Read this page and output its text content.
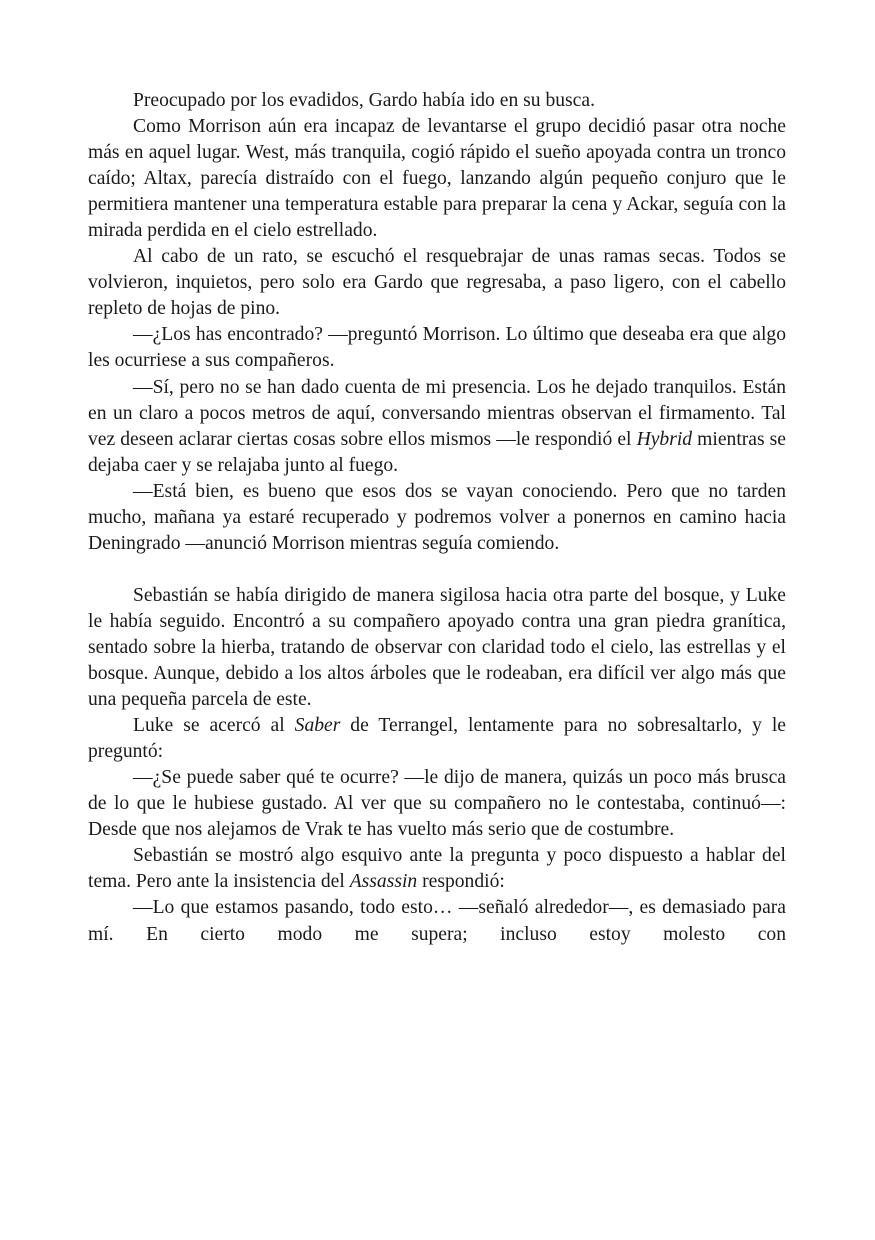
Preocupado por los evadidos, Gardo había ido en su busca.

Como Morrison aún era incapaz de levantarse el grupo decidió pasar otra noche más en aquel lugar. West, más tranquila, cogió rápido el sueño apoyada contra un tronco caído; Altax, parecía distraído con el fuego, lanzando algún pequeño conjuro que le permitiera mantener una temperatura estable para preparar la cena y Ackar, seguía con la mirada perdida en el cielo estrellado.

Al cabo de un rato, se escuchó el resquebrajar de unas ramas secas. Todos se volvieron, inquietos, pero solo era Gardo que regresaba, a paso ligero, con el cabello repleto de hojas de pino.

—¿Los has encontrado? —preguntó Morrison. Lo último que deseaba era que algo les ocurriese a sus compañeros.

—Sí, pero no se han dado cuenta de mi presencia. Los he dejado tranquilos. Están en un claro a pocos metros de aquí, conversando mientras observan el firmamento. Tal vez deseen aclarar ciertas cosas sobre ellos mismos —le respondió el Hybrid mientras se dejaba caer y se relajaba junto al fuego.

—Está bien, es bueno que esos dos se vayan conociendo. Pero que no tarden mucho, mañana ya estaré recuperado y podremos volver a ponernos en camino hacia Deningrado —anunció Morrison mientras seguía comiendo.

Sebastián se había dirigido de manera sigilosa hacia otra parte del bosque, y Luke le había seguido. Encontró a su compañero apoyado contra una gran piedra granítica, sentado sobre la hierba, tratando de observar con claridad todo el cielo, las estrellas y el bosque. Aunque, debido a los altos árboles que le rodeaban, era difícil ver algo más que una pequeña parcela de este.

Luke se acercó al Saber de Terrangel, lentamente para no sobresaltarlo, y le preguntó:

—¿Se puede saber qué te ocurre? —le dijo de manera, quizás un poco más brusca de lo que le hubiese gustado. Al ver que su compañero no le contestaba, continuó—: Desde que nos alejamos de Vrak te has vuelto más serio que de costumbre.

Sebastián se mostró algo esquivo ante la pregunta y poco dispuesto a hablar del tema. Pero ante la insistencia del Assassin respondió:

—Lo que estamos pasando, todo esto… —señaló alrededor—, es demasiado para mí. En cierto modo me supera; incluso estoy molesto con
